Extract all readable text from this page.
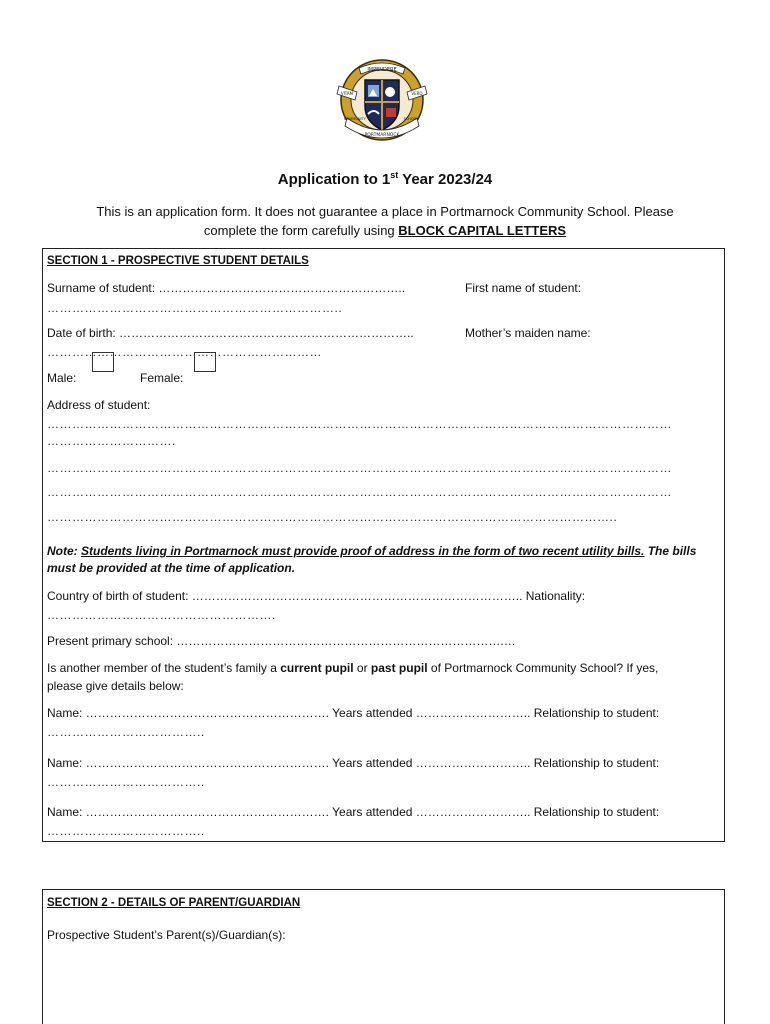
IMPENDERE
VITAM	VERO
PORTMARNOCK
COMMUNITY	SCHOOL
Application to 1st Year 2023/24
This is an application form. It does not guarantee a place in Portmarnock Community School. Please
complete the form carefully using BLOCK CAPITAL LETTERS
SECTION 1 - PROSPECTIVE STUDENT DETAILS
Surname of student: ……………………………………………………..	First name of student:
……………………………………………………………..
Date of birth: ………………………………………………………………..	Mother’s maiden name:
…………………………………………………………
Male:	Female:
Address of student:
……………………………………………………………………………………………………………………………………
………………………….
……………………………………………………………………………………………………………………………………
……………………………………………………………………………………………………………………………………
………………………………………………………………………………………………………………………..
Note: Students living in Portmarnock must provide proof of address in the form of two recent utility bills. The bills
must be provided at the time of application.
Country of birth of student: ……………………………………………………………………….. Nationality:
……………………………………………….
Present primary school: ……………………………………………………………………….…
Is another member of the student’s family a current pupil or past pupil of Portmarnock Community School? If yes,
please give details below:
Name: ……………………………………………………. Years attended ……………………….. Relationship to student:
………………………………..
Name: ……………………………………………………. Years attended ……………………….. Relationship to student:
………………………………..
Name: ……………………………………………………. Years attended ……………………….. Relationship to student:
………………………………..
SECTION 2 - DETAILS OF PARENT/GUARDIAN
Prospective Student’s Parent(s)/Guardian(s):
